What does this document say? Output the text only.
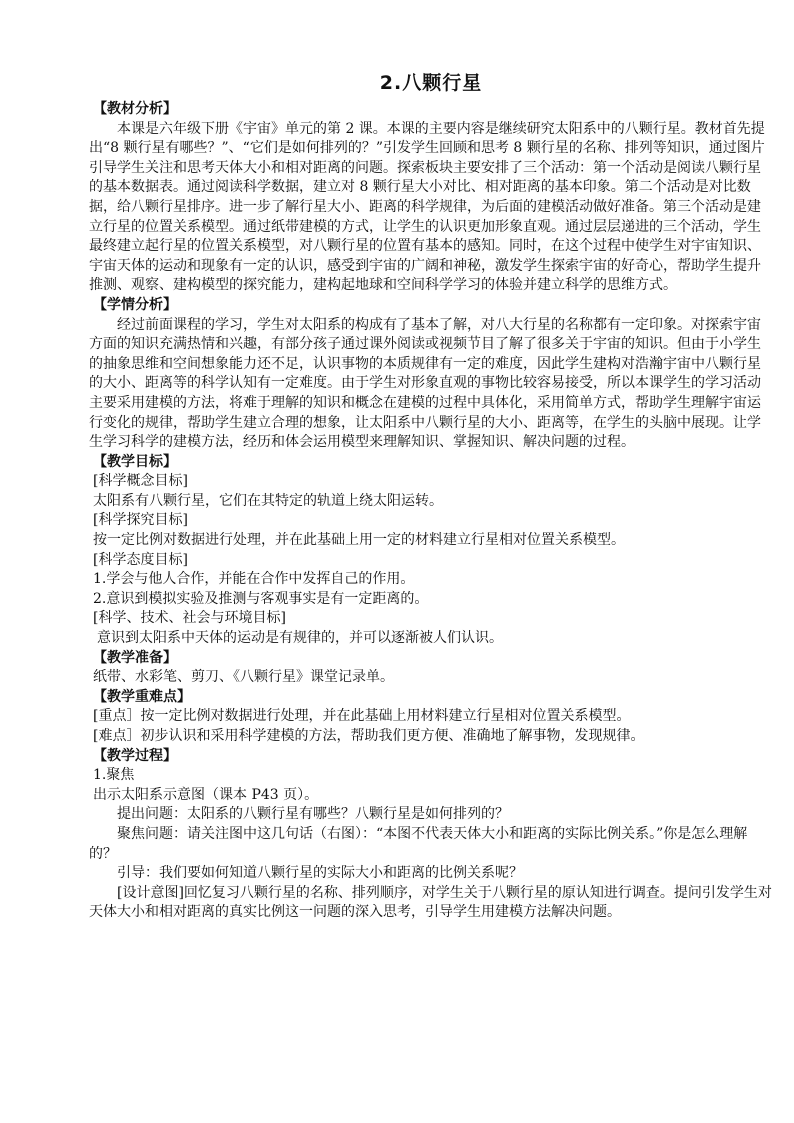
2.八颗行星
【教材分析】

本课是六年级下册《宇宙》单元的第 2 课。本课的主要内容是继续研究太阳系中的八颗行星。教材首先提出“8 颗行星有哪些？”、“它们是如何排列的？”引发学生回顾和思考 8 颗行星的名称、排列等知识，通过图片引导学生关注和思考天体大小和相对距离的问题。探索板块主要安排了三个活动：第一个活动是阅读八颗行星的基本数据表。通过阅读科学数据，建立对 8 颗行星大小对比、相对距离的基本印象。第二个活动是对比数据，给八颗行星排序。进一步了解行星大小、距离的科学规律，为后面的建模活动做好准备。第三个活动是建立行星的位置关系模型。通过纸带建模的方式，让学生的认识更加形象直观。通过层层递进的三个活动，学生最终建立起行星的位置关系模型，对八颗行星的位置有基本的感知。同时，在这个过程中使学生对宇宙知识、宇宙天体的运动和现象有一定的认识，感受到宇宙的广阔和神秘，激发学生探索宇宙的好奇心，帮助学生提升推测、观察、建构模型的探究能力，建构起地球和空间科学学习的体验并建立科学的思维方式。

【学情分析】

经过前面课程的学习，学生对太阳系的构成有了基本了解，对八大行星的名称都有一定印象。对探索宇宙方面的知识充满热情和兴趣，有部分孩子通过课外阅读或视频节目了解了很多关于宇宙的知识。但由于小学生的抽象思维和空间想象能力还不足，认识事物的本质规律有一定的难度，因此学生建构对浩瀚宇宙中八颗行星的大小、距离等的科学认知有一定难度。由于学生对形象直观的事物比较容易接受，所以本课学生的学习活动主要采用建模的方法，将难于理解的知识和概念在建模的过程中具体化，采用简单方式，帮助学生理解宇宙运行变化的规律，帮助学生建立合理的想象，让太阳系中八颗行星的大小、距离等，在学生的头脑中展现。让学生学习科学的建模方法，经历和体会运用模型来理解知识、掌握知识、解决问题的过程。

【教学目标】

[科学概念目标]

太阳系有八颗行星，它们在其特定的轨道上绕太阳运转。

[科学探究目标]

按一定比例对数据进行处理，并在此基础上用一定的材料建立行星相对位置关系模型。

[科学态度目标]

1.学会与他人合作，并能在合作中发挥自己的作用。

2.意识到模拟实验及推测与客观事实是有一定距离的。

[科学、技术、社会与环境目标]

意识到太阳系中天体的运动是有规律的，并可以逐渐被人们认识。

【教学准备】

纸带、水彩笔、剪刀、《八颗行星》课堂记录单。

【教学重难点】

[重点］按一定比例对数据进行处理，并在此基础上用材料建立行星相对位置关系模型。

[难点］初步认识和采用科学建模的方法，帮助我们更方便、准确地了解事物，发现规律。

【教学过程】

1.聚焦

出示太阳系示意图（课本 P43 页）。

提出问题：太阳系的八颗行星有哪些？八颗行星是如何排列的？

聚焦问题：请关注图中这几句话（右图）：“本图不代表天体大小和距离的实际比例关系。”你是怎么理解的？

引导：我们要如何知道八颗行星的实际大小和距离的比例关系呢？

[设计意图]回忆复习八颗行星的名称、排列顺序，对学生关于八颗行星的原认知进行调查。提问引发学生对天体大小和相对距离的真实比例这一问题的深入思考，引导学生用建模方法解决问题。
